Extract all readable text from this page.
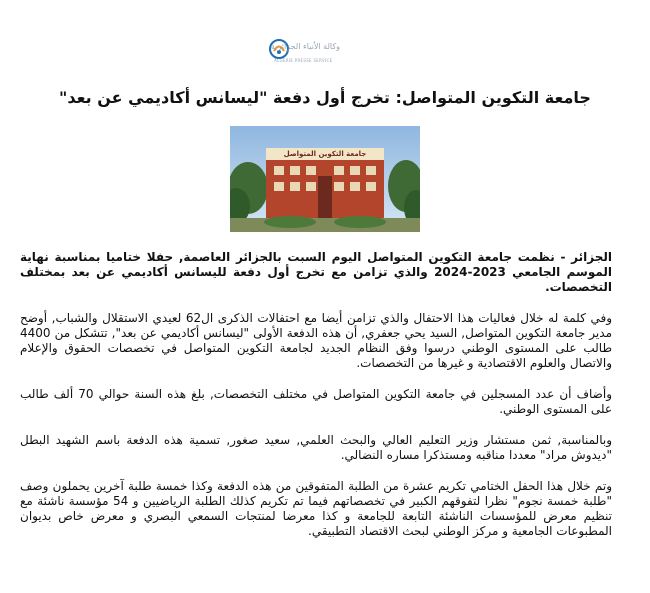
وكالة الأنباء الجزائرية
ALGERIE PRESSE SERVICE
جامعة التكوين المتواصل: تخرج أول دفعة "ليسانس أكاديمي عن بعد"
جامعة التكوين المتواصل

الجزائر - نظمت جامعة التكوين المتواصل اليوم السبت بالجزائر العاصمة, حفلا ختاميا بمناسبة نهاية الموسم الجامعي 2023-2024 والذي تزامن مع تخرج أول دفعة لليسانس أكاديمي عن بعد بمختلف التخصصات.

وفي كلمة له خلال فعاليات هذا الاحتفال والذي تزامن أيضا مع احتفالات الذكرى ال62 لعيدي الاستقلال والشباب, أوضح مدير جامعة التكوين المتواصل, السيد يحي جعفري, أن هذه الدفعة الأولى "ليسانس أكاديمي عن بعد", تتشكل من 4400 طالب على المستوى الوطني درسوا وفق النظام الجديد لجامعة التكوين المتواصل في تخصصات الحقوق والإعلام والاتصال والعلوم الاقتصادية و غيرها من التخصصات.

وأضاف أن عدد المسجلين في جامعة التكوين المتواصل في مختلف التخصصات, بلغ هذه السنة حوالي 70 ألف طالب على المستوى الوطني.

وبالمناسبة, ثمن مستشار وزير التعليم العالي والبحث العلمي, سعيد صغور, تسمية هذه الدفعة باسم الشهيد البطل "ديدوش مراد" معددا مناقبه ومستذكرا مساره النضالي.

وتم خلال هذا الحفل الختامي تكريم عشرة من الطلبة المتفوقين من هذه الدفعة وكذا خمسة طلبة آخرين يحملون وصف "طلبة خمسة نجوم" نظرا لتفوقهم الكبير في تخصصاتهم فيما تم تكريم كذلك الطلبة الرياضيين و 54 مؤسسة ناشئة مع تنظيم معرض للمؤسسات الناشئة التابعة للجامعة و كذا معرضا لمنتجات السمعي البصري و معرض خاص بديوان المطبوعات الجامعية و مركز الوطني لبحث الاقتصاد التطبيقي.
